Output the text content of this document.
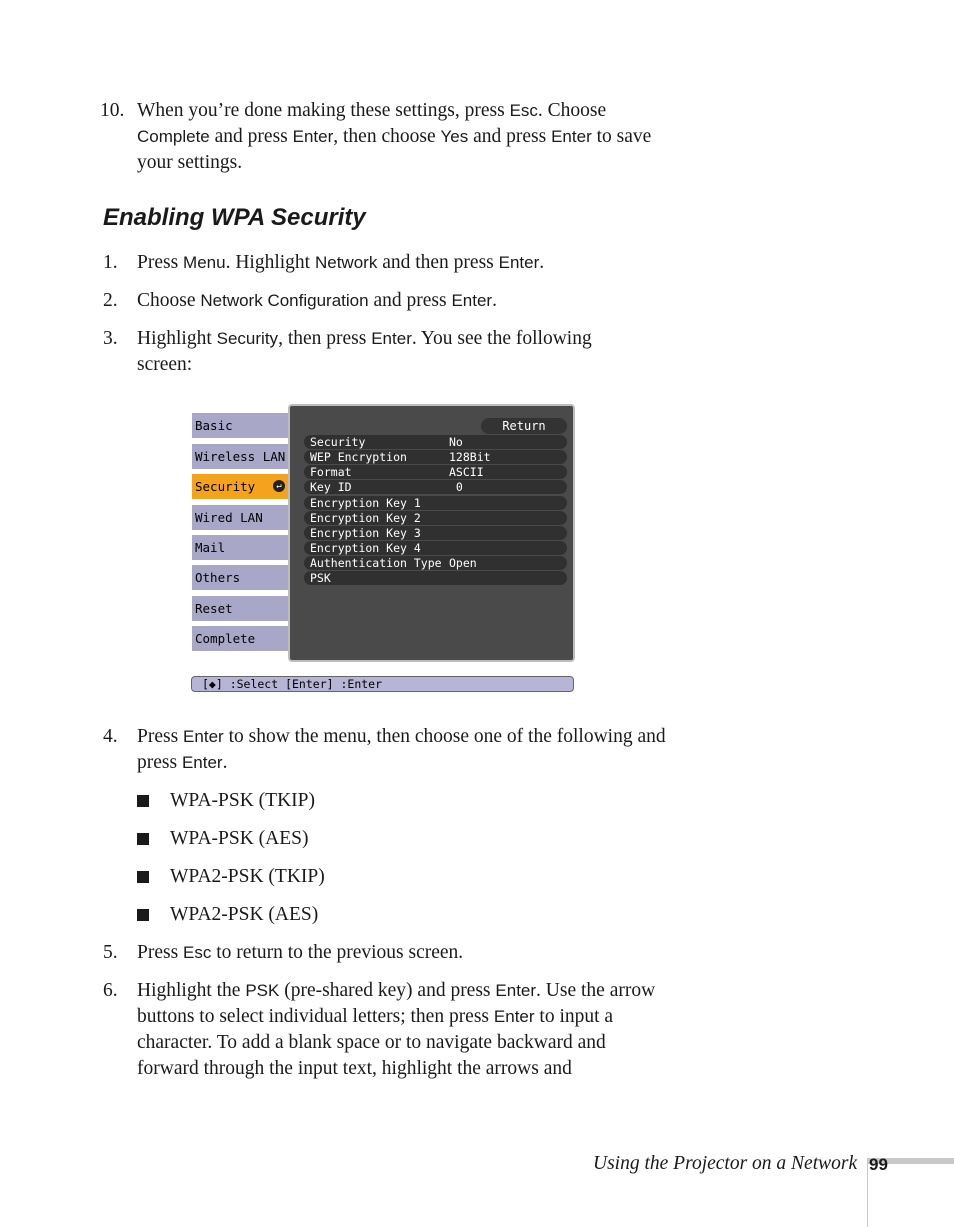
10. When you’re done making these settings, press Esc. Choose Complete and press Enter, then choose Yes and press Enter to save your settings.
Enabling WPA Security
1. Press Menu. Highlight Network and then press Enter.
2. Choose Network Configuration and press Enter.
3. Highlight Security, then press Enter. You see the following screen:
Basic
Wireless LAN
Security	↵
Wired LAN
Mail
Others
Reset
Complete
Return
Security	No
WEP Encryption	128Bit
Format	ASCII
Key ID	0
Encryption Key 1
Encryption Key 2
Encryption Key 3
Encryption Key 4
Authentication Type Open
PSK
[◆] :Select [Enter] :Enter
4. Press Enter to show the menu, then choose one of the following and press Enter.
WPA-PSK (TKIP)
WPA-PSK (AES)
WPA2-PSK (TKIP)
WPA2-PSK (AES)
5. Press Esc to return to the previous screen.
6. Highlight the PSK (pre-shared key) and press Enter. Use the arrow buttons to select individual letters; then press Enter to input a character. To add a blank space or to navigate backward and forward through the input text, highlight the arrows and
Using the Projector on a Network 99
